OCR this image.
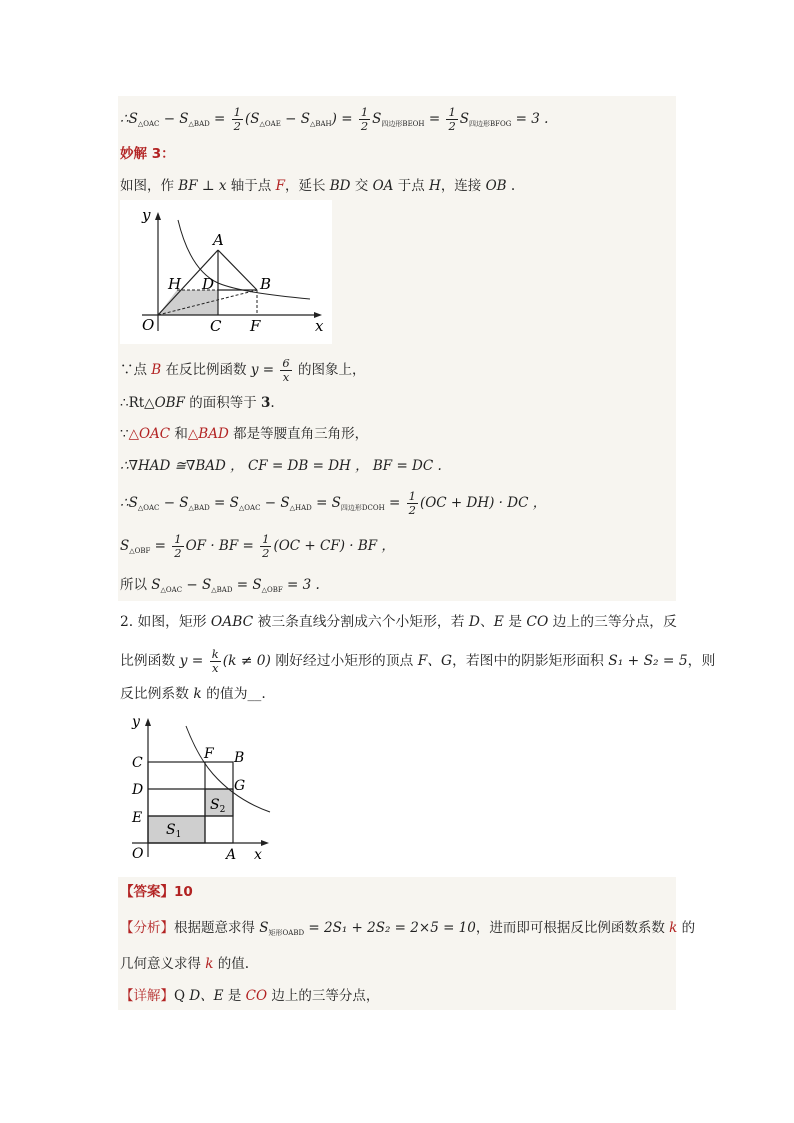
$\therefore S_{\triangle OAC} - S_{\triangle BAD} = \frac{1}{2} (S_{\triangle OAE} - S_{\triangle BAH}) = \frac{1}{2} S_{四边形BEOH} = \frac{1}{2} S_{四边形BFOG} = 3$ .
妙解 3：
如图，作 BF ⊥ x 轴于点 F，延长 BD 交 OA 于点 H，连接 OB .
y
A
H D	B
O	C F	x
∵点 B 在反比例函数 $y = \frac{6}{x}$ 的图象上，
∴Rt△OBF 的面积等于 3.
∵△OAC 和△BAD 都是等腰直角三角形，
∴∇HAD ≅∇BAD ， CF = DB = DH ， BF = DC .
$\therefore S_{\triangle OAC} - S_{\triangle BAD} = S_{\triangle OAC} - S_{\triangle HAD} = S_{四边形DCOH} = \frac{1}{2} (OC + DH)$ · DC ，
$S_{\triangle OBF} = \frac{1}{2}$ OF · BF = $\frac{1}{2} (OC + CF)$ · BF ，
所以 $S_{\triangle OAC} - S_{\triangle BAD} = S_{\triangle OBF} = 3$ .
2. 如图，矩形 OABC 被三条直线分割成六个小矩形，若 D、E 是 CO 边上的三等分点，反
比例函数 $y = \frac{k}{x} (k \ne 0)$ 刚好经过小矩形的顶点 F、G，若图中的阴影矩形面积 S₁ + S₂ = 5，则
反比例系数 k 的值为__.
y
C
F B
D	G
E
$S_2$
$S_1$
O	A x
【答案】10
【分析】根据题意求得 $S_{矩形OABD} = 2S_1 + 2S_2 = 2\times 5 = 10$，进而即可根据反比例函数系数 k 的
几何意义求得 k 的值.
【详解】Q D、E 是 CO 边上的三等分点，
